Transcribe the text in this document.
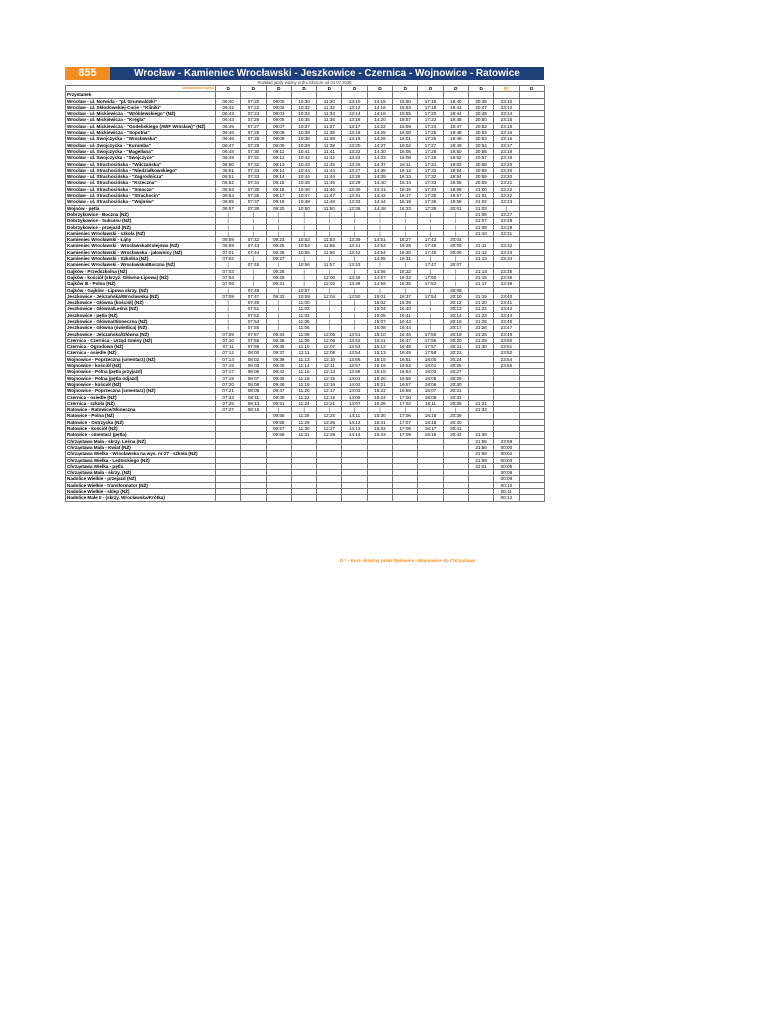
855	Wrocław - Kamieniec Wrocławski - Jeszkowice - Czernica - Wojnowice - Ratowice
Rozkład jazdy ważny w dni robocze od 01.07.2025
oznaczenie kursu	D	D	D	D	D	D	D	D	D	D	D	D*	D
Przystanek													
Wrocław - ul. Norwida - "pl. Grunwaldzki"	06:40	07:20	09:00	10:30	11:30	13:10	14:15	15:50	17:15	19:40	20:45	23:10	
Wrocław - ul. Skłodowskiej-Curie - "Kliniki"	06:42	07:22	09:02	10:32	11:32	13:12	14:16	15:53	17:18	19:42	20:47	23:12	
Wrocław - ul. Mickiewicza - "Wróblewskiego" (NŻ)	06:43	07:24	09:03	10:33	11:34	13:14	14:18	15:55	17:20	19:44	20:49	23:14	
Wrocław - ul. Mickiewicza - "Kręgla"	06:43	07:26	09:05	10:35	11:36	13:16	14:20	15:57	17:22	19:45	20:50	23:15	
Wrocław - ul. Mickiewicza - "Godebskiego (AWF Wrocław)" (NŻ)	06:45	07:27	09:07	10:37	11:37	13:17	14:22	15:59	17:24	19:47	20:52	23:15	
Wrocław - ul. Mickiewicza - "Sopotna"	06:46	07:28	09:08	10:38	11:38	13:18	14:25	16:00	17:25	19:48	20:53	23:16	
Wrocław - ul. Swojczycka - "Wrocławska"	06:46	07:28	09:08	10:38	11:38	13:18	14:26	16:01	17:26	19:48	20:53	23:16	
Wrocław - ul. Swojczycka - "Kurumba"	06:47	07:29	09:09	10:39	11:39	13:20	14:27	16:02	17:27	19:49	20:54	23:17	
Wrocław - ul. Swojczycka - "Magellana"	06:48	07:30	09:11	10:41	11:41	13:22	14:30	16:05	17:28	19:50	20:55	23:18	
Wrocław - ul. Swojczycka - "Swojczyce"	06:49	07:31	09:12	10:42	11:42	13:24	14:33	16:08	17:29	19:52	20:57	23:19	
Wrocław - ul. Strachocińska - "Wilczańska"	06:50	07:32	09:13	10:43	11:43	13:26	14:37	16:11	17:31	19:53	20:58	23:20	
Wrocław - ul. Strachocińska - "Niedziałkowskiego"	06:51	07:33	09:14	10:44	11:44	13:27	14:38	16:12	17:32	19:54	20:59	23:20	
Wrocław - ul. Strachocińska - "Zagrodnicza"	06:51	07:33	09:14	10:44	11:44	13:28	14:39	16:13	17:32	19:54	20:59	23:20	
Wrocław - ul. Strachocińska - "Krzeczna"	06:52	07:34	09:15	10:45	11:45	13:29	14:40	16:14	17:33	19:55	20:59	23:21	
Wrocław - ul. Strachocińska - "Smocza"	06:53	07:35	09:16	10:46	11:46	13:30	14:41	16:16	17:34	19:56	21:00	23:22	
Wrocław - ul. Strachocińska - "Strachocin"	06:54	07:36	09:17	10:47	11:47	13:31	14:42	16:17	17:35	19:57	21:01	23:22	
Wrocław - ul. Strachocińska - "Wojnów"	06:55	07:37	09:18	10:48	11:48	13:33	14:44	16:19	17:36	19:58	21:02	23:23	
Wojnów - pętla	06:57	07:39	09:20	10:50	11:50	13:36	14:48	16:23	17:39	20:01	21:03	|	
Dobrzykowice - Boczna (NŻ)	|	|	|	|	|	|	|	|	|	|	21:06	23:27	
Dobrzykowice - Sukcesu (NŻ)	|	|	|	|	|	|	|	|	|	|	21:07	23:28	
Dobrzykowice - przejazd (NŻ)	|	|	|	|	|	|	|	|	|	|	21:09	23:29	
Kamieniec Wrocławski - szkoła (NŻ)	|	|	|	|	|	|	|	|	|	|	21:10	23:31	
Kamieniec Wrocławski - Łąny	06:59	07:42	09:23	10:53	11:53	13:39	14:51	16:27	17:43	20:04			
Kamieniec Wrocławski - Wrocławska/Kolejowa (NŻ)	06:59	07:43	09:25	10:54	11:55	13:41	14:53	16:29	17:45	20:05	21:11	23:32	
Kamieniec Wrocławski - Wrocławska - jałownicy (NŻ)	07:01	07:44	09:26	10:55	11:56	13:42	14:54	16:30	17:46	20:06	21:12	23:33	
Kamieniec Wrocławski - Szkolna (NŻ)	07:02	|	09:27	|	|	|	14:55	16:31	|	|	21:13	23:34	
Kamieniec Wrocławski - Wrocławska/Boczna (NŻ)	|	07:45	|	10:56	11:57	13:43	|	|	17:47	20:07			
Gajków - Przedszkolna (NŻ)	07:03	|	09:28	|	|	|	14:56	16:32	|	|	21:14	23:35	
Gajków - kościół (skrzyż. Główna-Lipowa) (NŻ)	07:04	|	09:29	|	12:00	13:46	14:57	16:33	17:50	|	21:15	23:36	
Gajków III - Polna (NŻ)	07:06	|	09:31	|	12:02	13:48	14:59	16:35	17:52	|	21:17	23:38	
Gajków - Gajków - Lipowa skrzy. (NŻ)	|	07:46	|	10:57	|	|	|	|	|	20:08			
Jeszkowice - Jelczańska/Wrocławska (NŻ)	07:08	07:47	09:33	10:59	12:04	13:50	15:01	16:37	17:54	20:10	21:19	23:40	
Jeszkowice - Główna (kościół) (NŻ)	|	07:48	|	11:00	|	|	15:02	16:39	|	20:12	21:20	23:41	
Jeszkowice - Główna/Leśna (NŻ)	|	07:51	|	11:02	|	|	15:04	16:40	|	20:13	21:22	23:42	
Jeszkowice - pętla (NŻ)	|	07:52	|	11:03	|	|	15:05	16:41	|	20:14	21:23	23:44	
Jeszkowice - Główna/Słoneczna (NŻ)	|	07:54	|	11:05	|	|	15:07	16:43	|	20:16	21:25	23:46	
Jeszkowice - Główna (świetlica) (NŻ)	|	07:55	|	11:06	|	|	15:08	16:44	|	20:17	21:26	23:47	
Jeszkowice - Jelczańska/Główna (NŻ)	07:09	07:57	09:34	11:08	12:05	13:51	15:10	16:46	17:55	20:19	21:28	23:49	
Czernica - Czernica - Urząd Gminy (NŻ)	07:10	07:58	09:35	11:09	12:06	13:52	15:11	16:47	17:56	20:20	21:29	23:50	
Czernica - Ogrodowa (NŻ)	07:11	07:59	09:36	11:10	12:07	13:53	15:12	16:48	17:57	20:21	21:30	23:51	
Czernica - osiedle (NŻ)	07:12	08:00	09:37	11:11	12:08	13:54	15:13	16:49	17:58	20:22		23:52	
Wojnowice - Poprzeczna (cmentarz) (NŻ)	07:14	08:02	09:39	11:13	12:10	13:56	15:15	16:51	18:00	20:24		23:54	
Wojnowice - kościół (NŻ)	07:15	08:03	09:40	11:14	12:11	13:57	15:16	16:52	18:01	20:25		23:55	
Wojnowice - Polna (pętla przyjazd)	07:17	08:06	09:42	11:16	12:13	13:58	15:18	16:54	18:03	20:27			
Wojnowice - Polna (pętla odjazd)	07:19	08:07	09:45	11:18	12:15	14:01	15:20	16:56	18:05	20:29			
Wojnowice - kościół (NŻ)	07:20	08:08	09:46	11:19	12:16	14:02	15:21	16:57	18:06	20:30			
Wojnowice - Poprzeczna (cmentarz) (NŻ)	07:21	08:09	09:47	11:20	12:17	14:03	15:22	16:58	18:07	20:31			
Czernica - osiedle (NŻ)	07:23	08:11	09:49	11:22	12:19	14:05	15:24	17:00	18:09	20:33			
Czernica - szkoła (NŻ)	07:25	08:13	09:51	11:24	12:21	14:07	15:26	17:02	18:11	20:35	21:31		
Ratowice - Ratowice/Słoneczna	07:27	08:15	|	|	|	|	|	|	|	|	21:33		
Ratowice - Polna (NŻ)			09:55	11:28	12:25	14:11	15:30	17:06	18:15	20:39			
Ratowice - Ostrzycka (NŻ)			09:56	11:29	12:26	14:12	15:31	17:07	18:16	20:40			
Ratowice - kościół (NŻ)			09:57	11:30	12:27	14:13	15:32	17:08	18:17	20:41			
Ratowice - cmentarz (pętla)			09:58	11:31	12:28	14:14	15:33	17:09	18:18	20:42	21:36		
Chrząstawa Mała - skrzy. Leśna (NŻ)											21:55	23:59	
Chrząstawa Mała - Kwiat (NŻ)											21:56	00:00	
Chrząstawa Wielka - Wrocławska na wys. nr 27 - szkoła (NŻ)											21:58	00:02	
Chrząstawa Wielka - Lednickiego (NŻ)											21:59	00:03	
Chrząstawa Wielka - pętla											22:01	00:05	
Chrząstawa Mała - skrzy. (NŻ)												00:08	
Nadolice Wielkie - przejazd (NŻ)												00:09	
Nadolice Wielkie - transformator (NŻ)												00:10	
Nadolice Wielkie - sklep (NŻ)												00:11	
Nadolice Małe II - (skrzy. Wrocławska/Krótka)												00:12	
D * - Kurs okrężny przez Ratowice i Wojnowice do Chrząstawy
